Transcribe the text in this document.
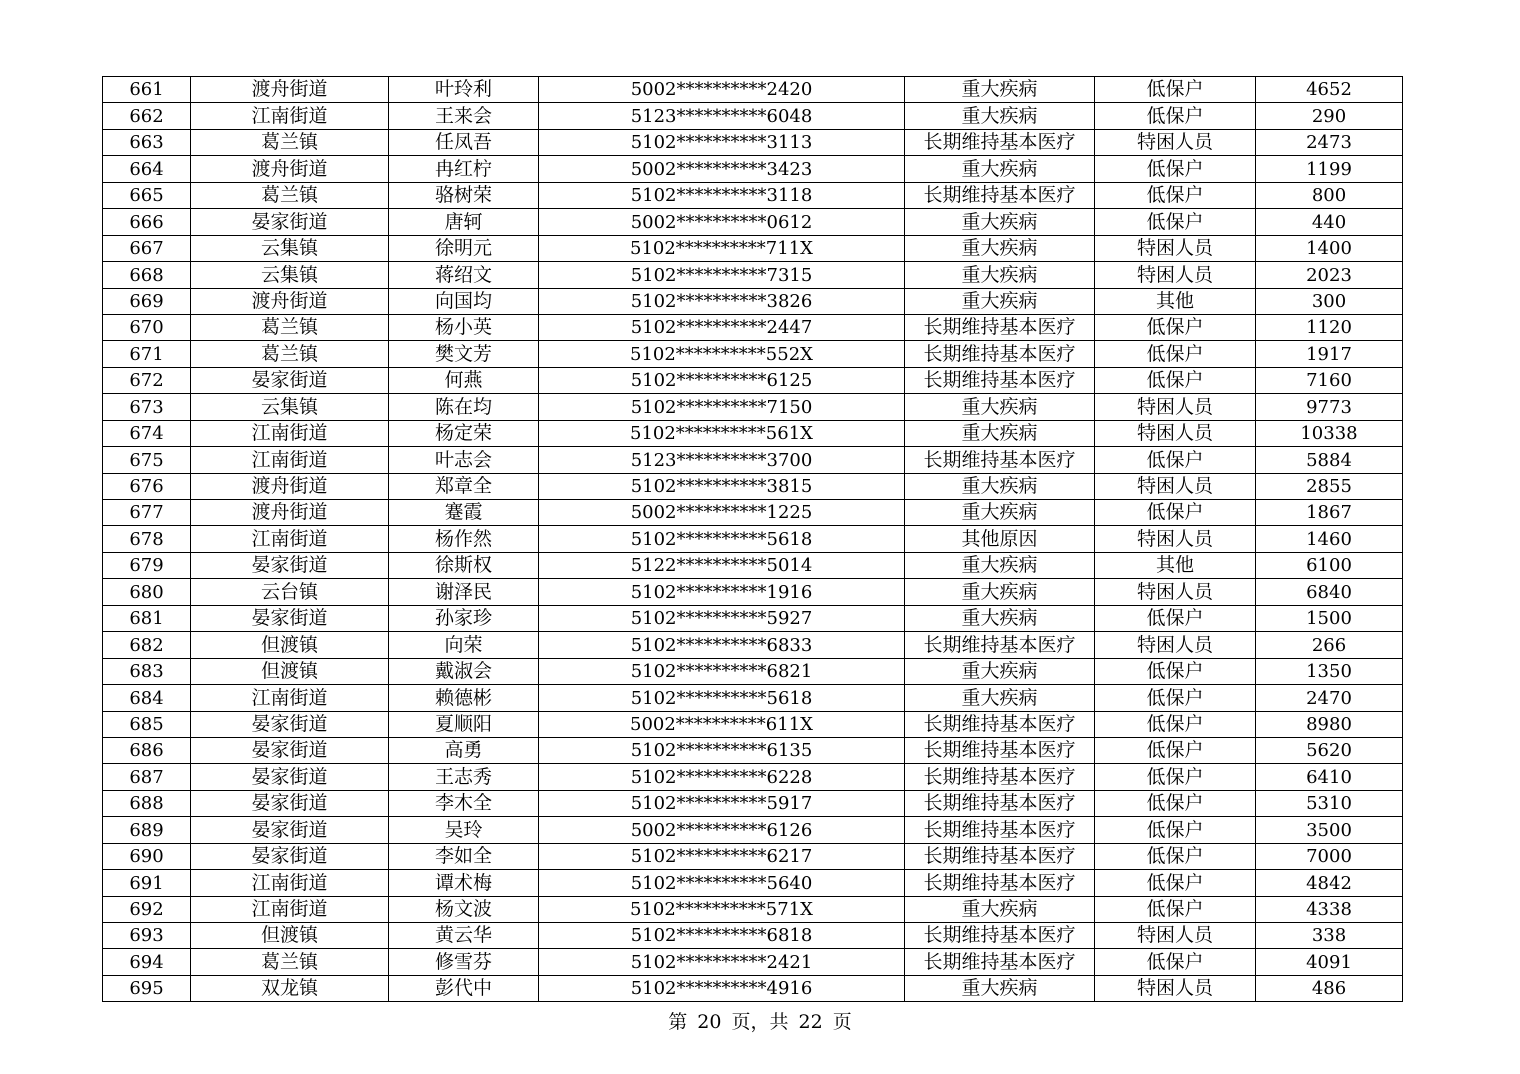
661	渡舟街道	叶玲利	5002**********2420	重大疾病	低保户	4652
662	江南街道	王来会	5123**********6048	重大疾病	低保户	290
663	葛兰镇	任凤吾	5102**********3113	长期维持基本医疗	特困人员	2473
664	渡舟街道	冉红柠	5002**********3423	重大疾病	低保户	1199
665	葛兰镇	骆树荣	5102**********3118	长期维持基本医疗	低保户	800
666	晏家街道	唐轲	5002**********0612	重大疾病	低保户	440
667	云集镇	徐明元	5102**********711X	重大疾病	特困人员	1400
668	云集镇	蒋绍文	5102**********7315	重大疾病	特困人员	2023
669	渡舟街道	向国均	5102**********3826	重大疾病	其他	300
670	葛兰镇	杨小英	5102**********2447	长期维持基本医疗	低保户	1120
671	葛兰镇	樊文芳	5102**********552X	长期维持基本医疗	低保户	1917
672	晏家街道	何燕	5102**********6125	长期维持基本医疗	低保户	7160
673	云集镇	陈在均	5102**********7150	重大疾病	特困人员	9773
674	江南街道	杨定荣	5102**********561X	重大疾病	特困人员	10338
675	江南街道	叶志会	5123**********3700	长期维持基本医疗	低保户	5884
676	渡舟街道	郑章全	5102**********3815	重大疾病	特困人员	2855
677	渡舟街道	蹇霞	5002**********1225	重大疾病	低保户	1867
678	江南街道	杨作然	5102**********5618	其他原因	特困人员	1460
679	晏家街道	徐斯权	5122**********5014	重大疾病	其他	6100
680	云台镇	谢泽民	5102**********1916	重大疾病	特困人员	6840
681	晏家街道	孙家珍	5102**********5927	重大疾病	低保户	1500
682	但渡镇	向荣	5102**********6833	长期维持基本医疗	特困人员	266
683	但渡镇	戴淑会	5102**********6821	重大疾病	低保户	1350
684	江南街道	赖德彬	5102**********5618	重大疾病	低保户	2470
685	晏家街道	夏顺阳	5002**********611X	长期维持基本医疗	低保户	8980
686	晏家街道	高勇	5102**********6135	长期维持基本医疗	低保户	5620
687	晏家街道	王志秀	5102**********6228	长期维持基本医疗	低保户	6410
688	晏家街道	李木全	5102**********5917	长期维持基本医疗	低保户	5310
689	晏家街道	吴玲	5002**********6126	长期维持基本医疗	低保户	3500
690	晏家街道	李如全	5102**********6217	长期维持基本医疗	低保户	7000
691	江南街道	谭术梅	5102**********5640	长期维持基本医疗	低保户	4842
692	江南街道	杨文波	5102**********571X	重大疾病	低保户	4338
693	但渡镇	黄云华	5102**********6818	长期维持基本医疗	特困人员	338
694	葛兰镇	修雪芬	5102**********2421	长期维持基本医疗	低保户	4091
695	双龙镇	彭代中	5102**********4916	重大疾病	特困人员	486
第 20 页，共 22 页
